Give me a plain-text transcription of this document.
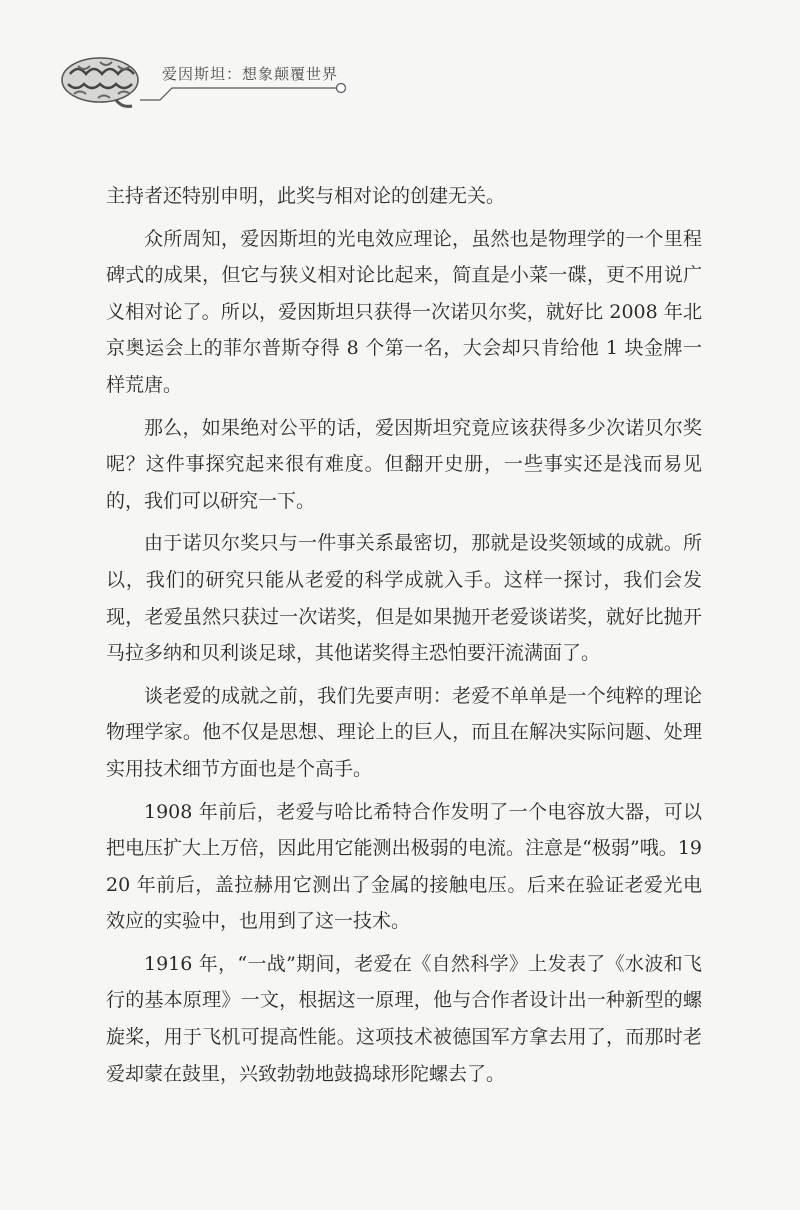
爱因斯坦：想象颠覆世界

主持者还特别申明，此奖与相对论的创建无关。

众所周知，爱因斯坦的光电效应理论，虽然也是物理学的一个里程碑式的成果，但它与狭义相对论比起来，简直是小菜一碟，更不用说广义相对论了。所以，爱因斯坦只获得一次诺贝尔奖，就好比 2008 年北京奥运会上的菲尔普斯夺得 8 个第一名，大会却只肯给他 1 块金牌一样荒唐。

那么，如果绝对公平的话，爱因斯坦究竟应该获得多少次诺贝尔奖呢？这件事探究起来很有难度。但翻开史册，一些事实还是浅而易见的，我们可以研究一下。

由于诺贝尔奖只与一件事关系最密切，那就是设奖领域的成就。所以，我们的研究只能从老爱的科学成就入手。这样一探讨，我们会发现，老爱虽然只获过一次诺奖，但是如果抛开老爱谈诺奖，就好比抛开马拉多纳和贝利谈足球，其他诺奖得主恐怕要汗流满面了。

谈老爱的成就之前，我们先要声明：老爱不单单是一个纯粹的理论物理学家。他不仅是思想、理论上的巨人，而且在解决实际问题、处理实用技术细节方面也是个高手。

1908 年前后，老爱与哈比希特合作发明了一个电容放大器，可以把电压扩大上万倍，因此用它能测出极弱的电流。注意是“极弱”哦。1920 年前后，盖拉赫用它测出了金属的接触电压。后来在验证老爱光电效应的实验中，也用到了这一技术。

1916 年，“一战”期间，老爱在《自然科学》上发表了《水波和飞行的基本原理》一文，根据这一原理，他与合作者设计出一种新型的螺旋桨，用于飞机可提高性能。这项技术被德国军方拿去用了，而那时老爱却蒙在鼓里，兴致勃勃地鼓捣球形陀螺去了。
